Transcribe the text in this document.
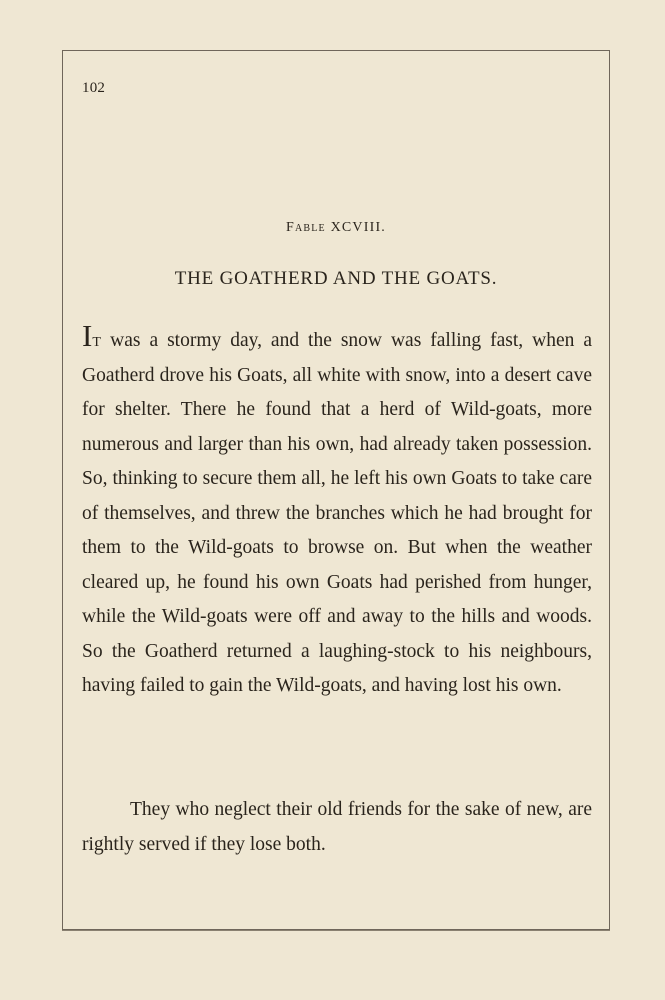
102
Fable XCVIII.
THE GOATHERD AND THE GOATS.

It was a stormy day, and the snow was falling fast, when a Goatherd drove his Goats, all white with snow, into a desert cave for shelter. There he found that a herd of Wild-goats, more numerous and larger than his own, had already taken possession. So, thinking to secure them all, he left his own Goats to take care of themselves, and threw the branches which he had brought for them to the Wild-goats to browse on. But when the weather cleared up, he found his own Goats had perished from hunger, while the Wild-goats were off and away to the hills and woods. So the Goatherd returned a laughing-stock to his neighbours, having failed to gain the Wild-goats, and having lost his own.

They who neglect their old friends for the sake of new, are rightly served if they lose both.
